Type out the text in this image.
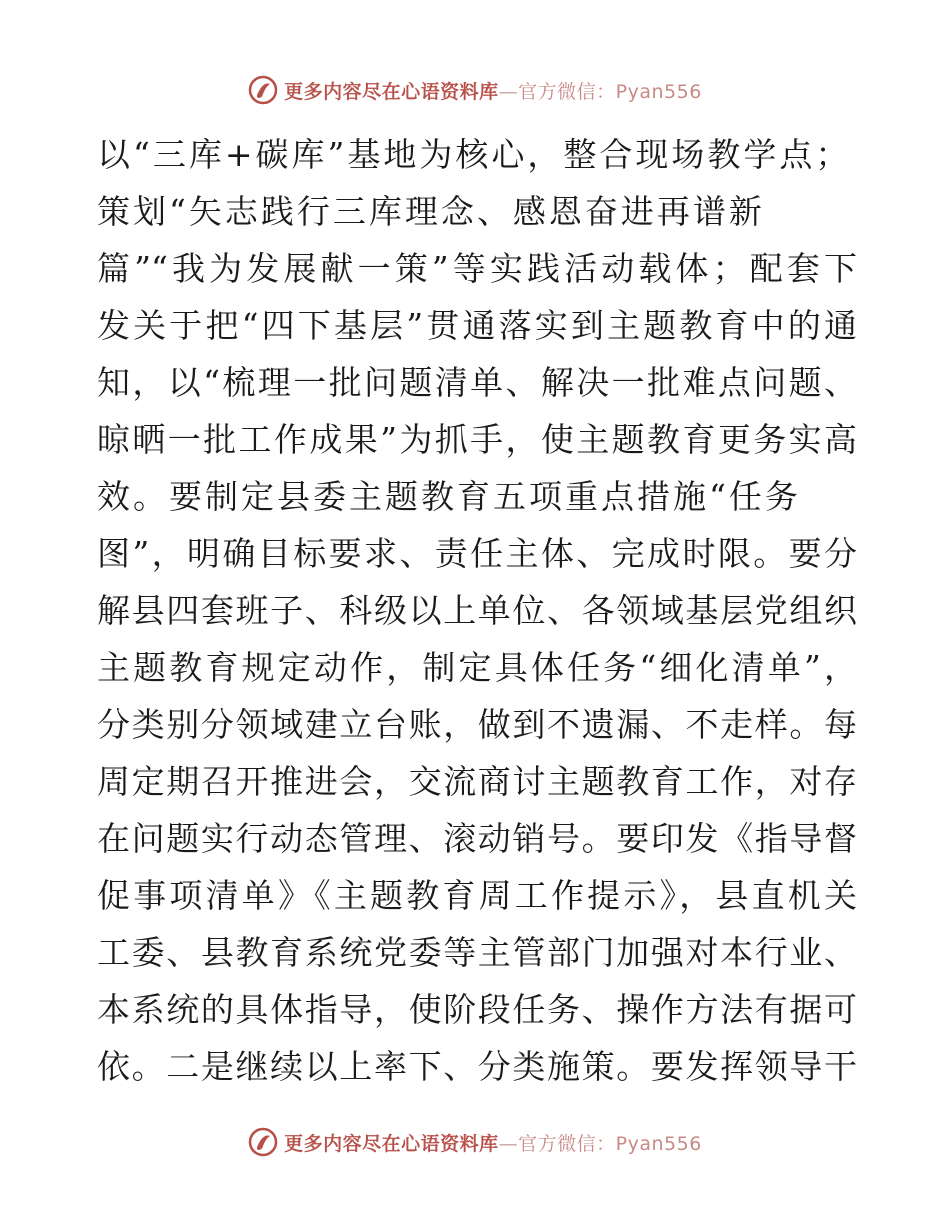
更多内容尽在心语资料库—官方微信：Pyan556
以“三库+碳库”基地为核心，整合现场教学点；
策划“矢志践行三库理念、感恩奋进再谱新
篇”“我为发展献一策”等实践活动载体；配套下
发关于把“四下基层”贯通落实到主题教育中的通
知，以“梳理一批问题清单、解决一批难点问题、
晾晒一批工作成果”为抓手，使主题教育更务实高
效。要制定县委主题教育五项重点措施“任务
图”，明确目标要求、责任主体、完成时限。要分
解县四套班子、科级以上单位、各领域基层党组织
主题教育规定动作，制定具体任务“细化清单”，
分类别分领域建立台账，做到不遗漏、不走样。每
周定期召开推进会，交流商讨主题教育工作，对存
在问题实行动态管理、滚动销号。要印发《指导督
促事项清单》《主题教育周工作提示》，县直机关
工委、县教育系统党委等主管部门加强对本行业、
本系统的具体指导，使阶段任务、操作方法有据可
依。二是继续以上率下、分类施策。要发挥领导干
更多内容尽在心语资料库—官方微信：Pyan556
